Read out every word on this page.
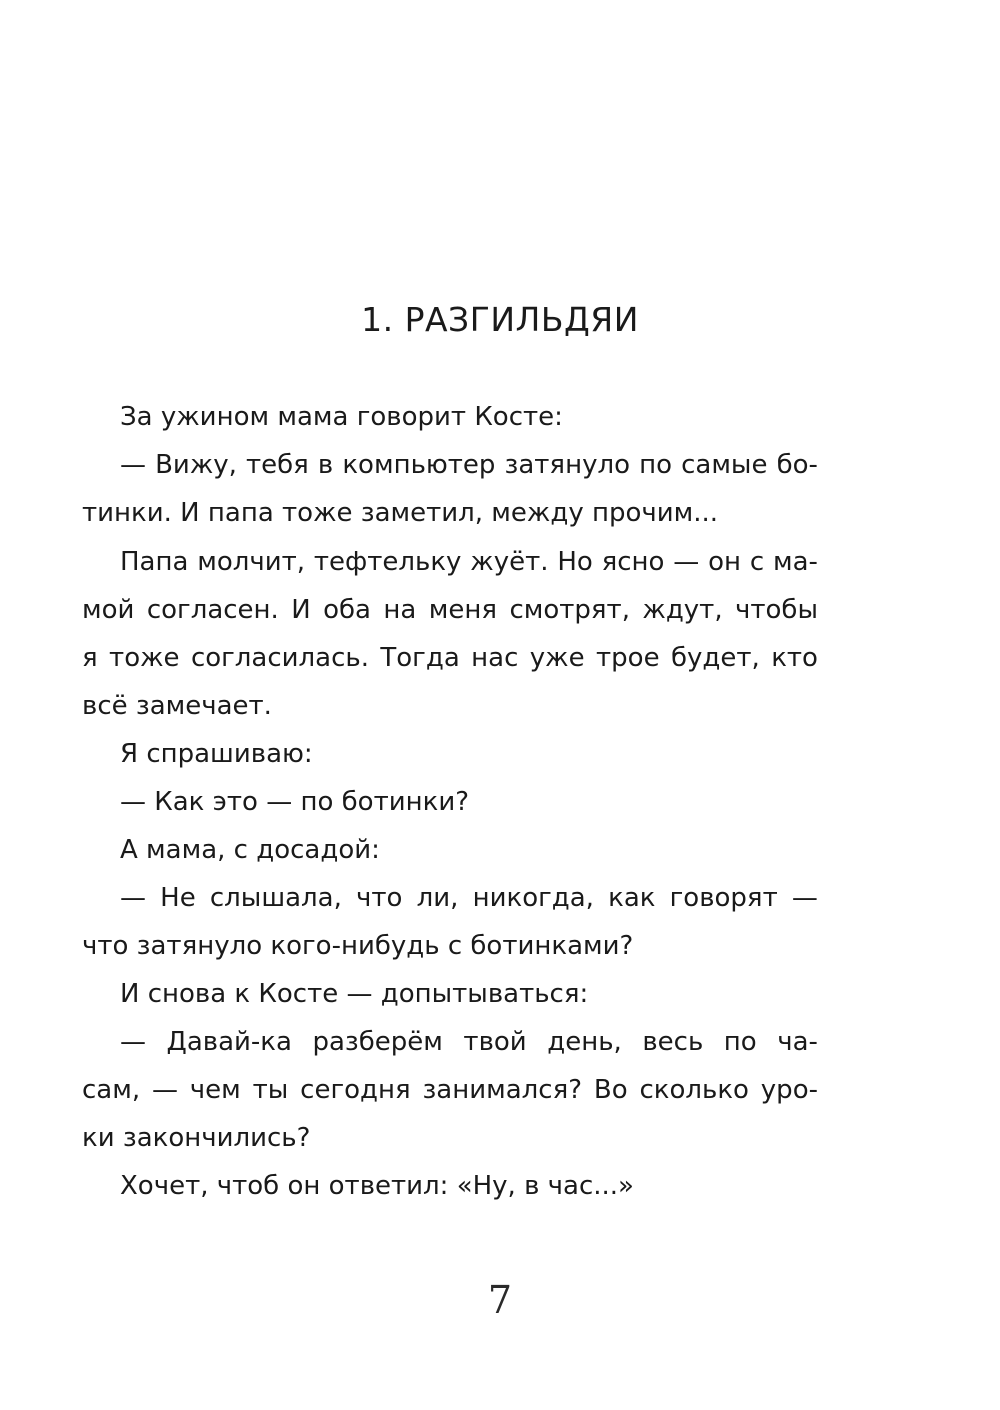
1. РАЗГИЛЬДЯИ

За ужином мама говорит Косте:

— Вижу, тебя в компьютер затянуло по самые бо-

тинки. И папа тоже заметил, между прочим...

Папа молчит, тефтельку жуёт. Но ясно — он с ма-

мой согласен. И оба на меня смотрят, ждут, чтобы

я тоже согласилась. Тогда нас уже трое будет, кто

всё замечает.

Я спрашиваю:

— Как это — по ботинки?

А мама, с досадой:

— Не слышала, что ли, никогда, как говорят —

что затянуло кого-нибудь с ботинками?

И снова к Косте — допытываться:

— Давай-ка разберём твой день, весь по ча-

сам, — чем ты сегодня занимался? Во сколько уро-

ки закончились?

Хочет, чтоб он ответил: «Ну, в час...»

7
